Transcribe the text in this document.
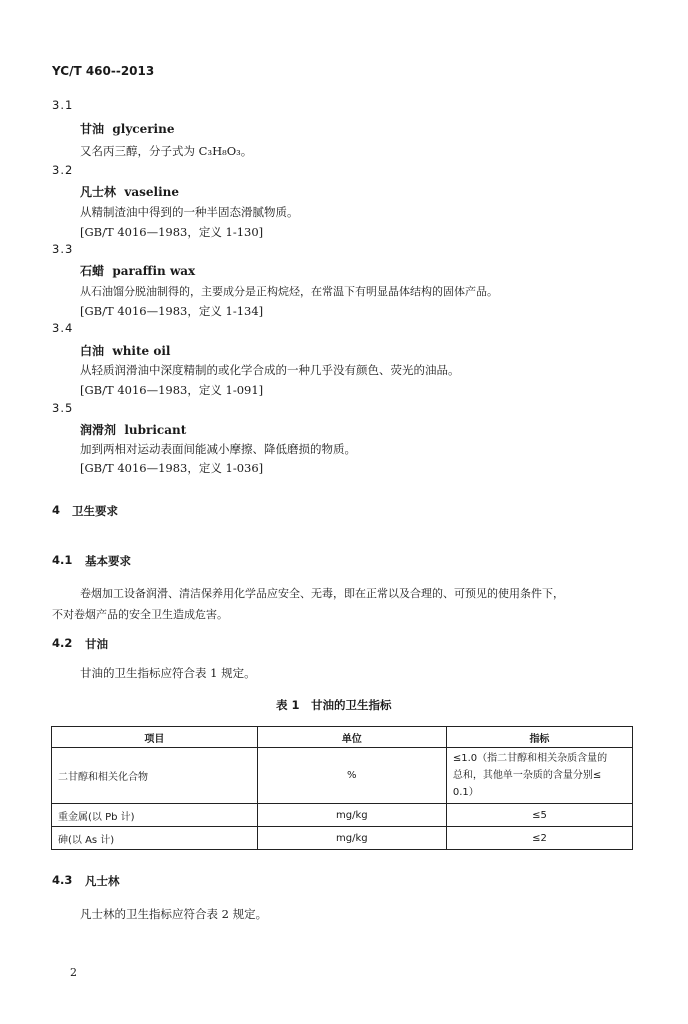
YC/T 460--2013
3.1
甘油 glycerine
又名丙三醇，分子式为 C₃H₈O₃。
3.2
凡士林 vaseline
从精制渣油中得到的一种半固态滑腻物质。
[GB/T 4016—1983，定义 1-130]
3.3
石蜡 paraffin wax
从石油馏分脱油制得的，主要成分是正构烷烃，在常温下有明显晶体结构的固体产品。
[GB/T 4016—1983，定义 1-134]
3.4
白油 white oil
从轻质润滑油中深度精制的或化学合成的一种几乎没有颜色、荧光的油品。
[GB/T 4016—1983，定义 1-091]
3.5
润滑剂 lubricant
加到两相对运动表面间能减小摩擦、降低磨损的物质。
[GB/T 4016—1983，定义 1-036]
4 卫生要求
4.1 基本要求
卷烟加工设备润滑、清洁保养用化学品应安全、无毒，即在正常以及合理的、可预见的使用条件下，
不对卷烟产品的安全卫生造成危害。
4.2 甘油
甘油的卫生指标应符合表 1 规定。
表 1　甘油的卫生指标
项目	单位	指标
二甘醇和相关化合物	%	≤1.0（指二甘醇和相关杂质含量的
总和，其他单一杂质的含量分别≤
0.1）

重金属(以 Pb 计)	mg/kg	≤5
砷(以 As 计)	mg/kg	≤2
4.3 凡士林
凡士林的卫生指标应符合表 2 规定。
2
